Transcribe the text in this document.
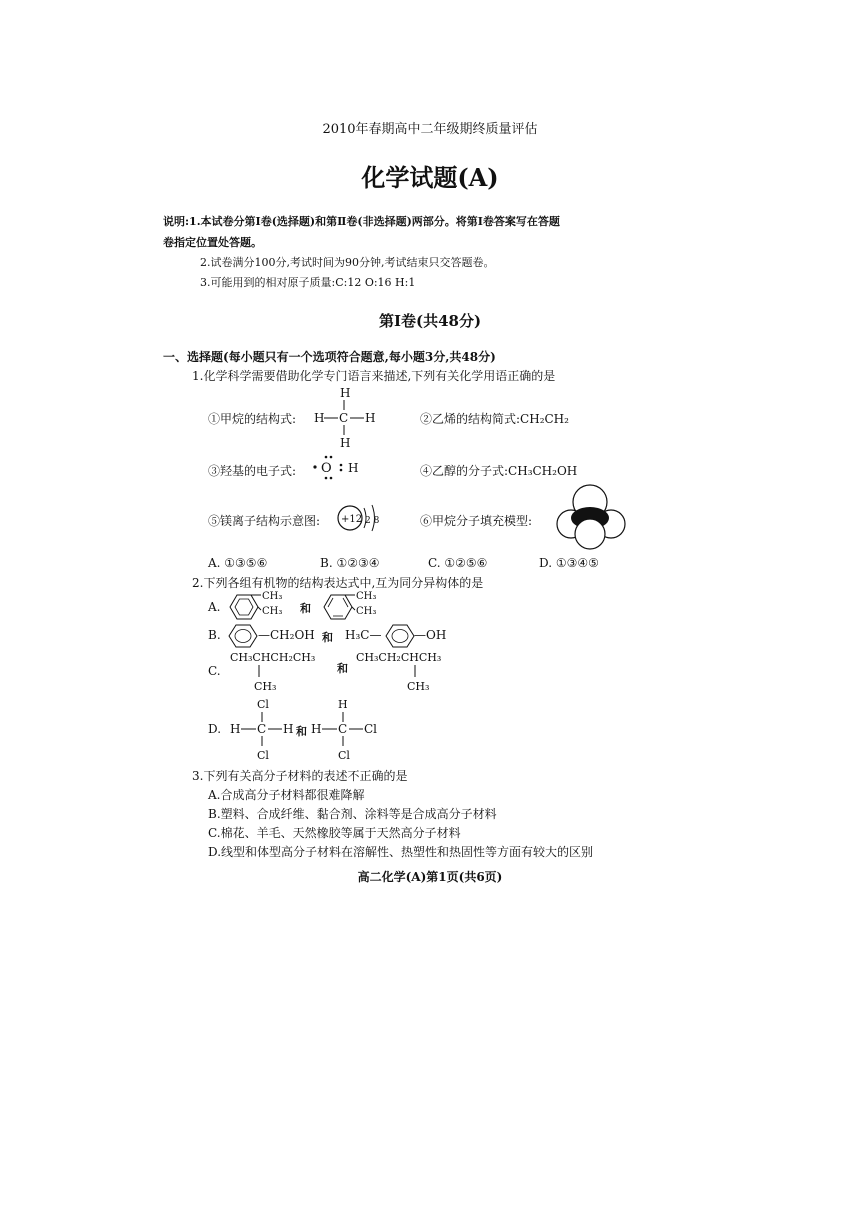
2010年春期高中二年级期终质量评估
化学试题(A)
说明:1.本试卷分第Ⅰ卷(选择题)和第Ⅱ卷(非选择题)两部分。将第Ⅰ卷答案写在答题
卷指定位置处答题。
2.试卷满分100分,考试时间为90分钟,考试结束只交答题卷。
3.可能用到的相对原子质量:C:12 O:16 H:1
第Ⅰ卷(共48分)
一、选择题(每小题只有一个选项符合题意,每小题3分,共48分)
1.化学科学需要借助化学专门语言来描述,下列有关化学用语正确的是
①甲烷的结构式:
H
H C H
H
②乙烯的结构简式:CH₂CH₂
③羟基的电子式: O H	④乙醇的分子式:CH₃CH₂OH
⑤镁离子结构示意图: +12 2 8	⑥甲烷分子填充模型:
A. ①③⑤⑥	B. ①②③④	C. ①②⑤⑥	D. ①③④⑤
2.下列各组有机物的结构表达式中,互为同分异构体的是
A.
CH₃
CH₃ 和
CH₃
CH₃
B.	—CH₂OH 和 H₃C—	—OH
C.
CH₃CHCH₂CH₃
CH₃
和
CH₃CH₂CHCH₃
CH₃
D.
Cl
H C H
Cl
和
H
H C Cl
Cl
3.下列有关高分子材料的表述不正确的是
A.合成高分子材料都很难降解
B.塑料、合成纤维、黏合剂、涂料等是合成高分子材料
C.棉花、羊毛、天然橡胶等属于天然高分子材料
D.线型和体型高分子材料在溶解性、热塑性和热固性等方面有较大的区别
高二化学(A)第1页(共6页)
